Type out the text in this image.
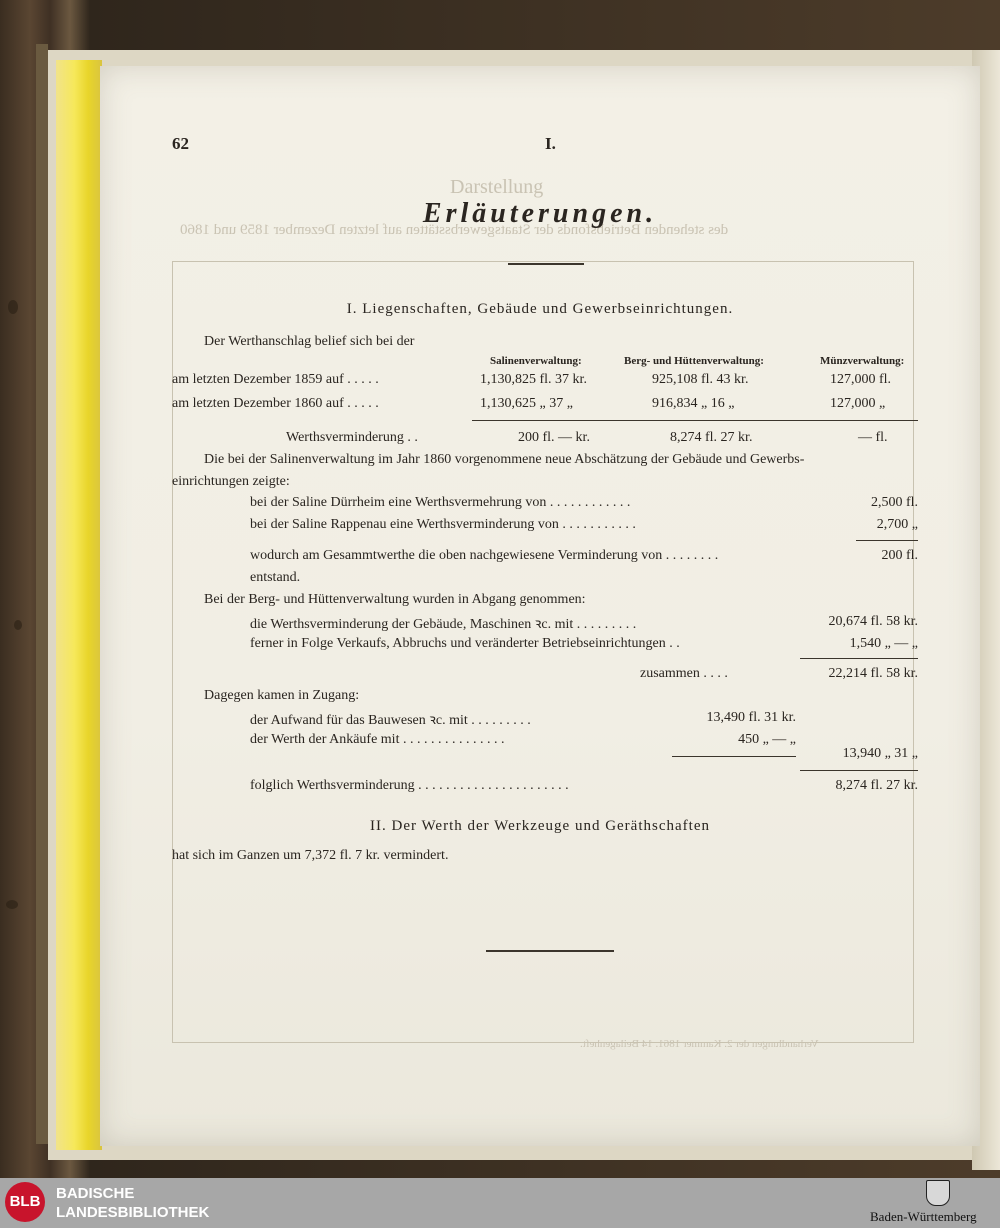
Darstellung
des stehenden Betriebsfonds der Staatsgewerbsstätten auf letzten Dezember 1859 und 1860
Verhandlungen der 2. Kammer 1861. 14 Beilagenheft.
62	I.
Erläuterungen.
I. Liegenschaften, Gebäude und Gewerbseinrichtungen.
Der Werthanschlag belief sich bei der
Salinenverwaltung:	Berg- und Hüttenverwaltung:	Münzverwaltung:
am letzten Dezember 1859 auf . . . . .	1,130,825 fl. 37 kr.	925,108 fl. 43 kr.	127,000 fl.
am letzten Dezember 1860 auf . . . . .	1,130,625 „ 37 „	916,834 „ 16 „	127,000 „
Werthsverminderung . .	200 fl. — kr.	8,274 fl. 27 kr.	— fl.
Die bei der Salinenverwaltung im Jahr 1860 vorgenommene neue Abschätzung der Gebäude und Gewerbs-
einrichtungen zeigte:
bei der Saline Dürrheim eine Werthsvermehrung von . . . . . . . . . . . .	2,500 fl.
bei der Saline Rappenau eine Werthsverminderung von . . . . . . . . . . .	2,700 „
wodurch am Gesammtwerthe die oben nachgewiesene Verminderung von . . . . . . . .	200 fl.
entstand.
Bei der Berg- und Hüttenverwaltung wurden in Abgang genommen:
die Werthsverminderung der Gebäude, Maschinen ꝛc. mit . . . . . . . . .	20,674 fl. 58 kr.
ferner in Folge Verkaufs, Abbruchs und veränderter Betriebseinrichtungen . .	1,540 „ — „
zusammen . . . .	22,214 fl. 58 kr.
Dagegen kamen in Zugang:
der Aufwand für das Bauwesen ꝛc. mit . . . . . . . . .	13,490 fl. 31 kr.
der Werth der Ankäufe mit . . . . . . . . . . . . . . .	450 „ — „
13,940 „ 31 „
folglich Werthsverminderung . . . . . . . . . . . . . . . . . . . . . .	8,274 fl. 27 kr.
II. Der Werth der Werkzeuge und Geräthschaften
hat sich im Ganzen um 7,372 fl. 7 kr. vermindert.
BLB	BADISCHE
LANDESBIBLIOTHEK	Baden-Württemberg
